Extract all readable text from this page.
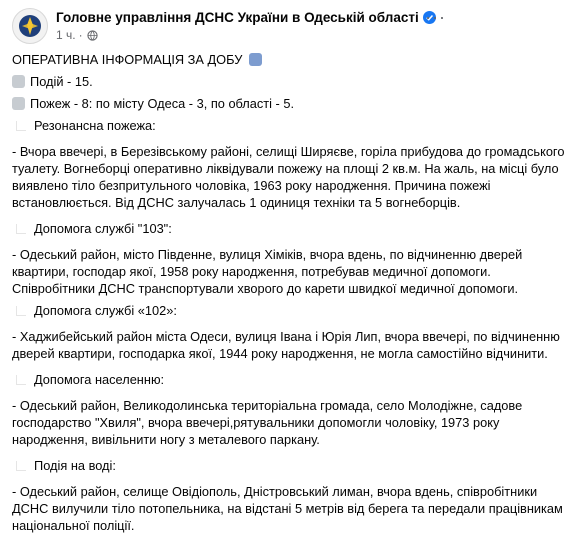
Головне управління ДСНС України в Одеській області
1 ч. ·
···

ОПЕРАТИВНА ІНФОРМАЦІЯ ЗА ДОБУ

Подій - 15.

Пожеж - 8: по місту Одеса - 3, по області - 5.

Резонансна пожежа:
- Вчора ввечері, в Березівському районі, селищі Ширяєве, горіла прибудова до громадського
туалету. Вогнеборці оперативно ліквідували пожежу на площі 2 кв.м. На жаль, на місці було
виявлено тіло безпритульного чоловіка, 1963 року народження. Причина пожежі
встановлюється. Від ДСНС залучалась 1 одиниця техніки та 5 вогнеборців.
Допомога службі "103":
- Одеський район, місто Південне, вулиця Хіміків, вчора вдень, по відчиненню дверей
квартири, господар якої, 1958 року народження, потребував медичної допомоги.
Співробітники ДСНС транспортували хворого до карети швидкої медичної допомоги.
Допомога службі «102»:
- Хаджибейський район міста Одеси, вулиця Івана і Юрія Лип, вчора ввечері, по відчиненню
дверей квартири, господарка якої, 1944 року народження, не могла самостійно відчинити.
Допомога населенню:
- Одеський район, Великодолинська територіальна громада, село Молодіжне, садове
господарство "Хвиля", вчора ввечері,рятувальники допомогли чоловіку, 1973 року
народження, вивільнити ногу з металевого паркану.
Подія на воді:
- Одеський район, селище Овідіополь, Дністровський лиман, вчора вдень, співробітники
ДСНС вилучили тіло потопельника, на відстані 5 метрів від берега та передали працівникам
національної поліції.
